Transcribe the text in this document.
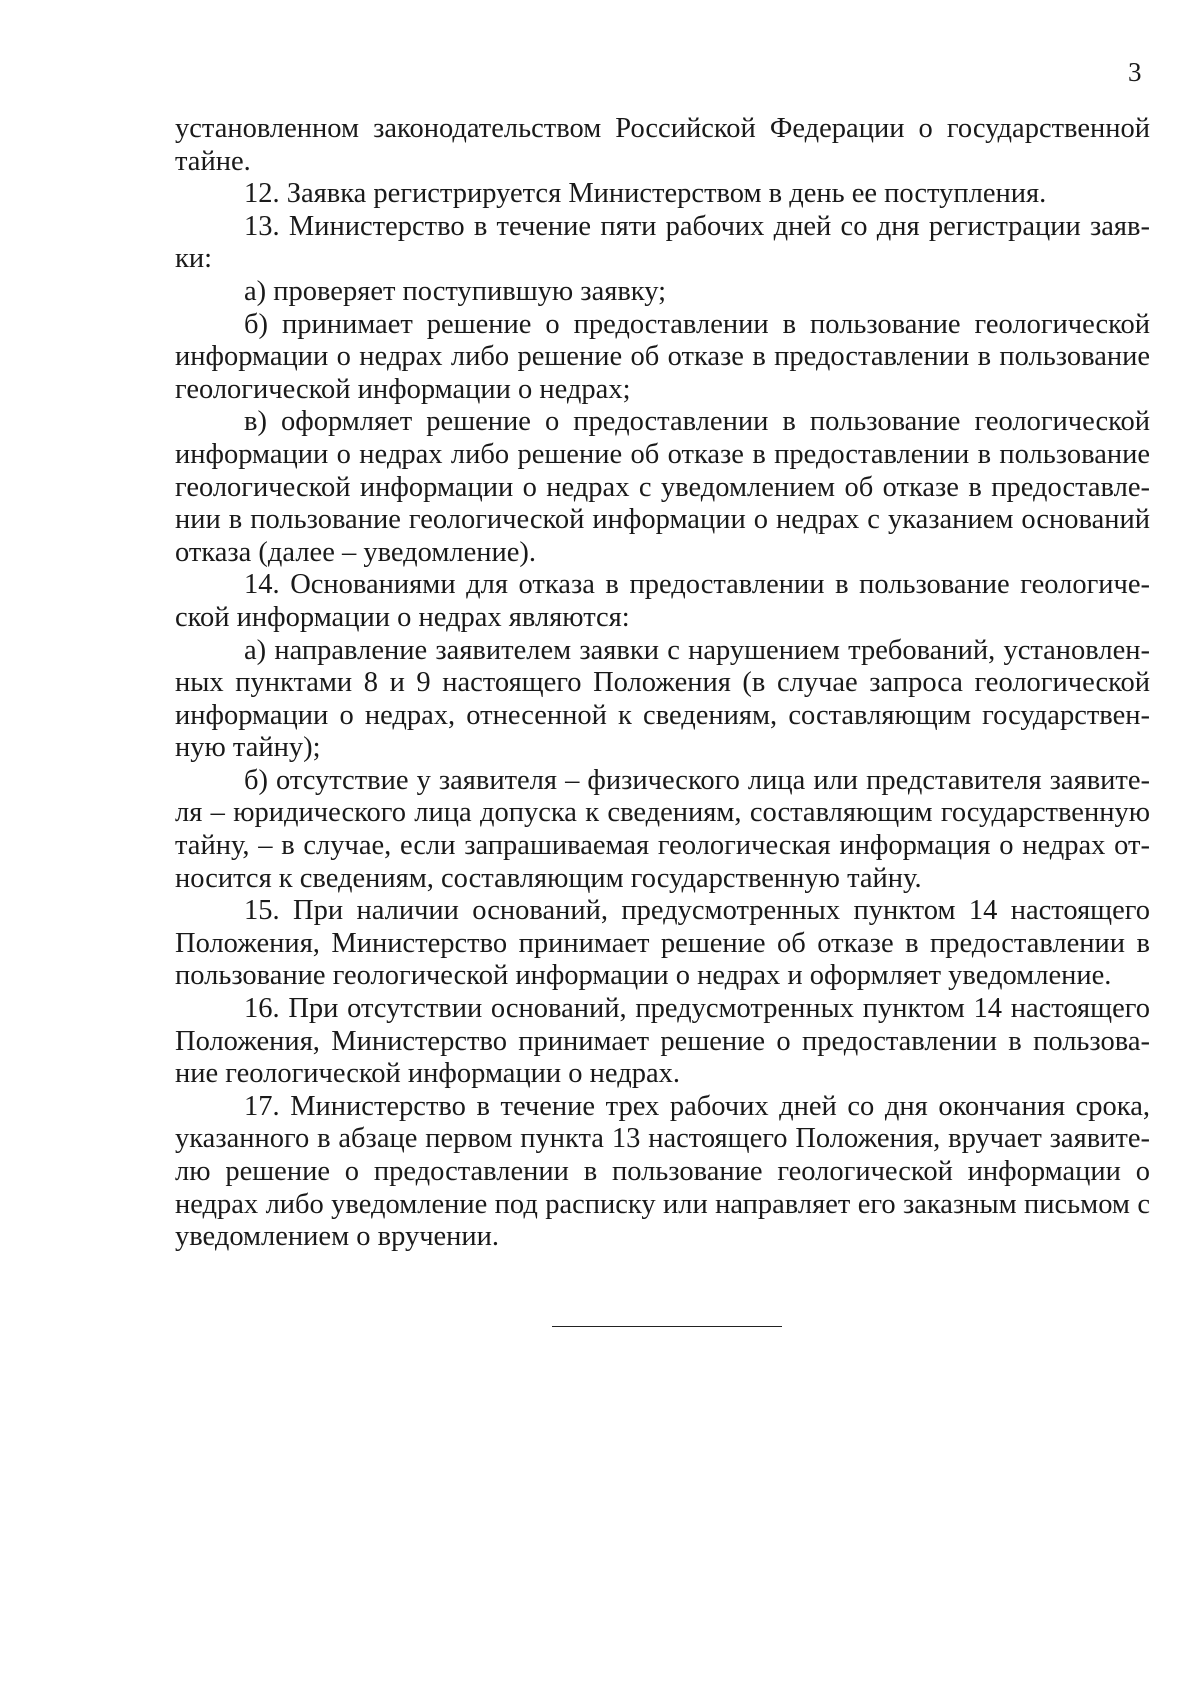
3
установленном законодательством Российской Федерации о государственной
тайне.
12. Заявка регистрируется Министерством в день ее поступления.
13. Министерство в течение пяти рабочих дней со дня регистрации заяв-
ки:
а) проверяет поступившую заявку;
б) принимает решение о предоставлении в пользование геологической
информации о недрах либо решение об отказе в предоставлении в пользование
геологической информации о недрах;
в) оформляет решение о предоставлении в пользование геологической
информации о недрах либо решение об отказе в предоставлении в пользование
геологической информации о недрах с уведомлением об отказе в предоставле-
нии в пользование геологической информации о недрах с указанием оснований
отказа (далее – уведомление).
14. Основаниями для отказа в предоставлении в пользование геологиче-
ской информации о недрах являются:
а) направление заявителем заявки с нарушением требований, установлен-
ных пунктами 8 и 9 настоящего Положения (в случае запроса геологической
информации о недрах, отнесенной к сведениям, составляющим государствен-
ную тайну);
б) отсутствие у заявителя – физического лица или представителя заявите-
ля – юридического лица допуска к сведениям, составляющим государственную
тайну, – в случае, если запрашиваемая геологическая информация о недрах от-
носится к сведениям, составляющим государственную тайну.
15. При наличии оснований, предусмотренных пунктом 14 настоящего
Положения, Министерство принимает решение об отказе в предоставлении в
пользование геологической информации о недрах и оформляет уведомление.
16. При отсутствии оснований, предусмотренных пунктом 14 настоящего
Положения, Министерство принимает решение о предоставлении в пользова-
ние геологической информации о недрах.
17. Министерство в течение трех рабочих дней со дня окончания срока,
указанного в абзаце первом пункта 13 настоящего Положения, вручает заявите-
лю решение о предоставлении в пользование геологической информации о
недрах либо уведомление под расписку или направляет его заказным письмом с
уведомлением о вручении.
